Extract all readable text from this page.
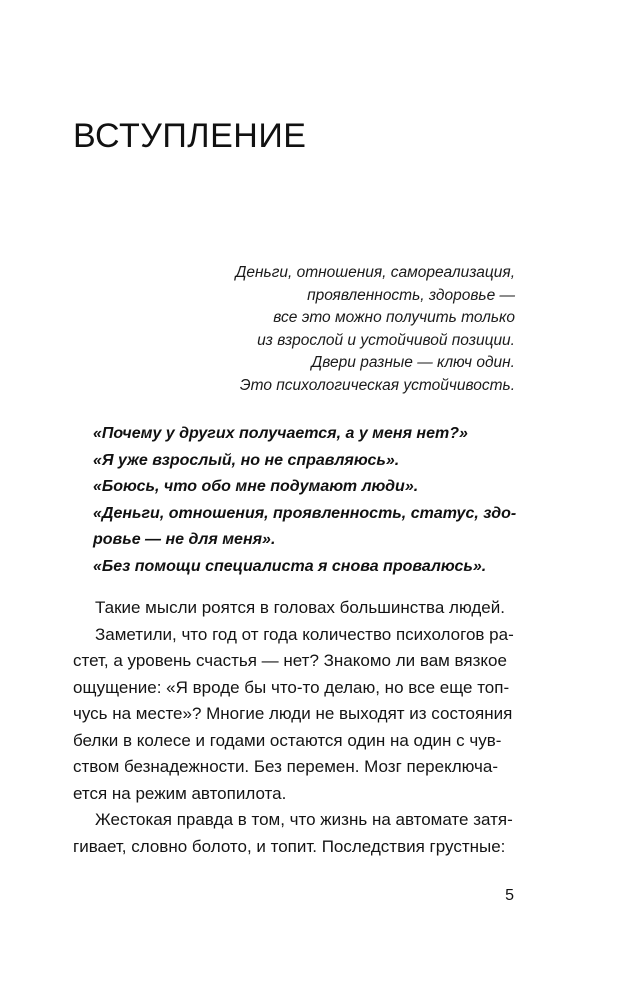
ВСТУПЛЕНИЕ
Деньги, отношения, самореализация,
проявленность, здоровье —
все это можно получить только
из взрослой и устойчивой позиции.
Двери разные — ключ один.
Это психологическая устойчивость.
«Почему у других получается, а у меня нет?»
«Я уже взрослый, но не справляюсь».
«Боюсь, что обо мне подумают люди».
«Деньги, отношения, проявленность, статус, здо-
ровье — не для меня».
«Без помощи специалиста я снова провалюсь».
Такие мысли роятся в головах большинства людей.
Заметили, что год от года количество психологов ра-
стет, а уровень счастья — нет? Знакомо ли вам вязкое
ощущение: «Я вроде бы что-то делаю, но все еще топ-
чусь на месте»? Многие люди не выходят из состояния
белки в колесе и годами остаются один на один с чув-
ством безнадежности. Без перемен. Мозг переключа-
ется на режим автопилота.
Жестокая правда в том, что жизнь на автомате затя-
гивает, словно болото, и топит. Последствия грустные:
5
